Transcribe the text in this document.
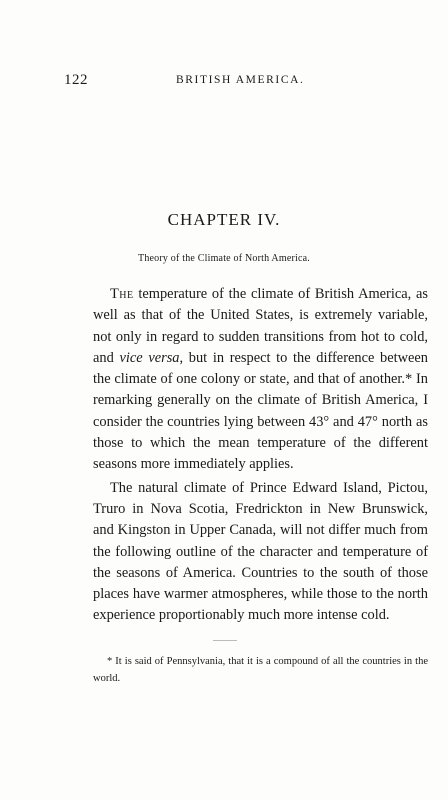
122	BRITISH AMERICA.
CHAPTER IV.
Theory of the Climate of North America.

The temperature of the climate of British America, as well as that of the United States, is extremely variable, not only in regard to sudden transitions from hot to cold, and vice versa, but in respect to the difference between the climate of one colony or state, and that of another.* In remarking generally on the climate of British America, I consider the countries lying between 43° and 47° north as those to which the mean temperature of the different seasons more immediately applies.

The natural climate of Prince Edward Island, Pictou, Truro in Nova Scotia, Fredrickton in New Brunswick, and Kingston in Upper Canada, will not differ much from the following outline of the character and temperature of the seasons of America. Countries to the south of those places have warmer atmospheres, while those to the north experience proportionably much more intense cold.

* It is said of Pennsylvania, that it is a compound of all the countries in the world.
